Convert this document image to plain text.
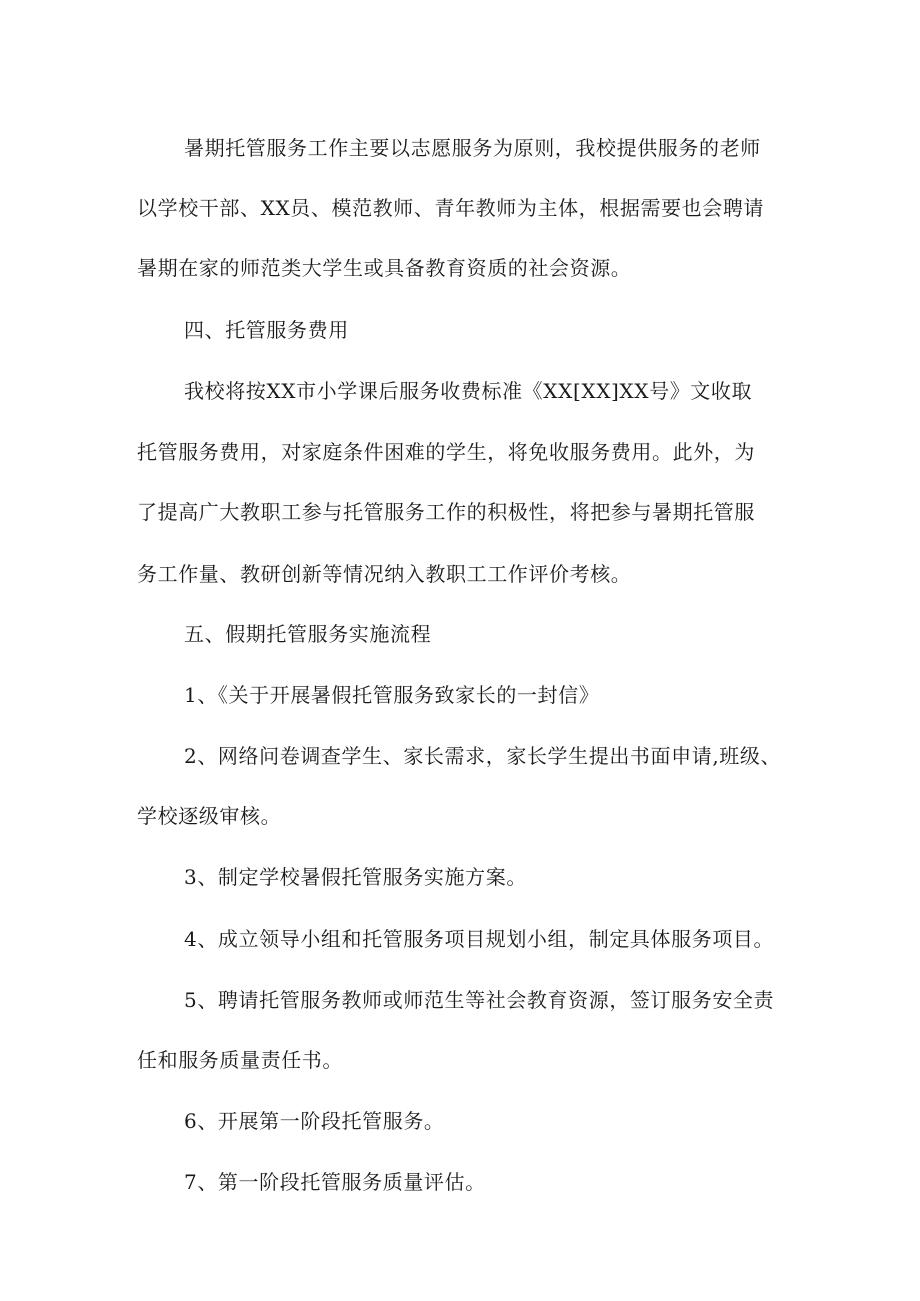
暑期托管服务工作主要以志愿服务为原则，我校提供服务的老师

以学校干部、XX员、模范教师、青年教师为主体，根据需要也会聘请

暑期在家的师范类大学生或具备教育资质的社会资源。

四、托管服务费用

我校将按XX市小学课后服务收费标准《XX[XX]XX号》文收取

托管服务费用，对家庭条件困难的学生，将免收服务费用。此外，为

了提高广大教职工参与托管服务工作的积极性，将把参与暑期托管服

务工作量、教研创新等情况纳入教职工工作评价考核。

五、假期托管服务实施流程

1、《关于开展暑假托管服务致家长的一封信》

2、网络问卷调查学生、家长需求，家长学生提出书面申请,班级、

学校逐级审核。

3、制定学校暑假托管服务实施方案。

4、成立领导小组和托管服务项目规划小组，制定具体服务项目。

5、聘请托管服务教师或师范生等社会教育资源，签订服务安全责

任和服务质量责任书。

6、开展第一阶段托管服务。

7、第一阶段托管服务质量评估。
